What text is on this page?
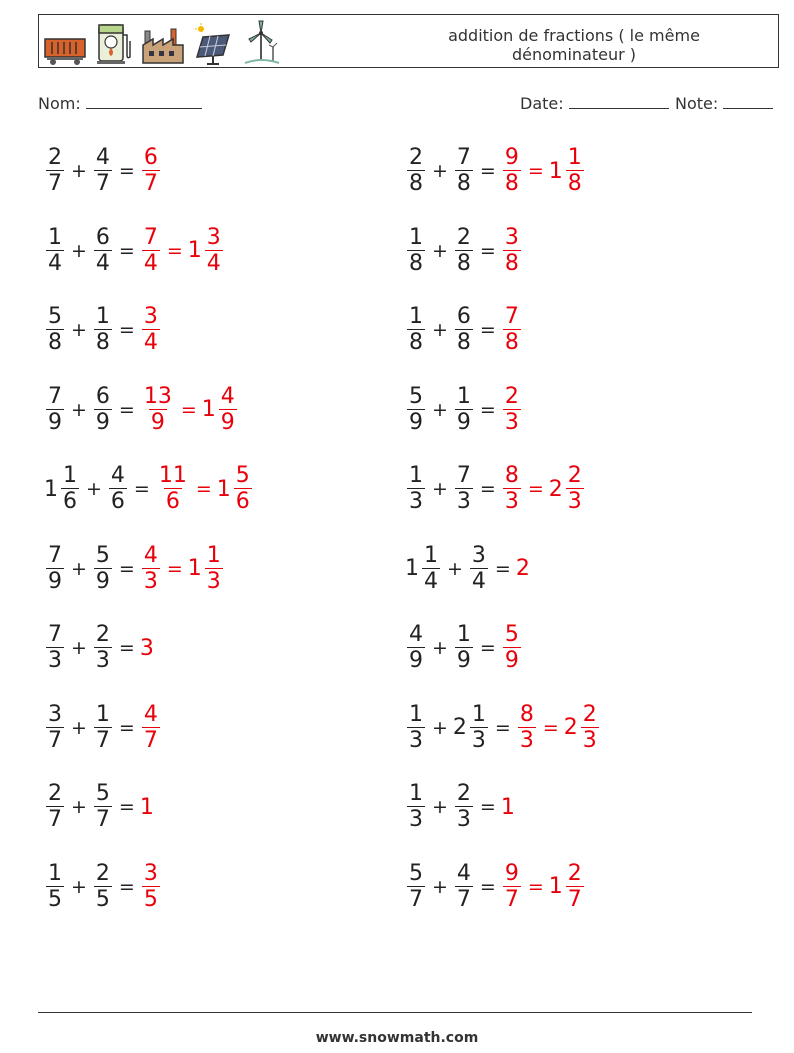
addition de fractions ( le même dénominateur )
Nom:	Date:	Note:
$\frac{2}{7} + \frac{4}{7} = \frac{6}{7}$	$\frac{2}{8} + \frac{7}{8} = \frac{9}{8} = 1 \frac{1}{8}$
$\frac{1}{4} + \frac{6}{4} = \frac{7}{4} = 1 \frac{3}{4}$	$\frac{1}{8} + \frac{2}{8} = \frac{3}{8}$
$\frac{5}{8} + \frac{1}{8} = \frac{3}{4}$	$\frac{1}{8} + \frac{6}{8} = \frac{7}{8}$
$\frac{7}{9} + \frac{6}{9} = \frac{13}{9} = 1 \frac{4}{9}$	$\frac{5}{9} + \frac{1}{9} = \frac{2}{3}$
$1 \frac{1}{6} + \frac{4}{6} = \frac{11}{6} = 1 \frac{5}{6}$	$\frac{1}{3} + \frac{7}{3} = \frac{8}{3} = 2 \frac{2}{3}$
$\frac{7}{9} + \frac{5}{9} = \frac{4}{3} = 1 \frac{1}{3}$	$1 \frac{1}{4} + \frac{3}{4} = 2$
$\frac{7}{3} + \frac{2}{3} = 3$	$\frac{4}{9} + \frac{1}{9} = \frac{5}{9}$
$\frac{3}{7} + \frac{1}{7} = \frac{4}{7}$	$\frac{1}{3} + 2 \frac{1}{3} = \frac{8}{3} = 2 \frac{2}{3}$
$\frac{2}{7} + \frac{5}{7} = 1$	$\frac{1}{3} + \frac{2}{3} = 1$
$\frac{1}{5} + \frac{2}{5} = \frac{3}{5}$	$\frac{5}{7} + \frac{4}{7} = \frac{9}{7} = 1 \frac{2}{7}$
www.snowmath.com
